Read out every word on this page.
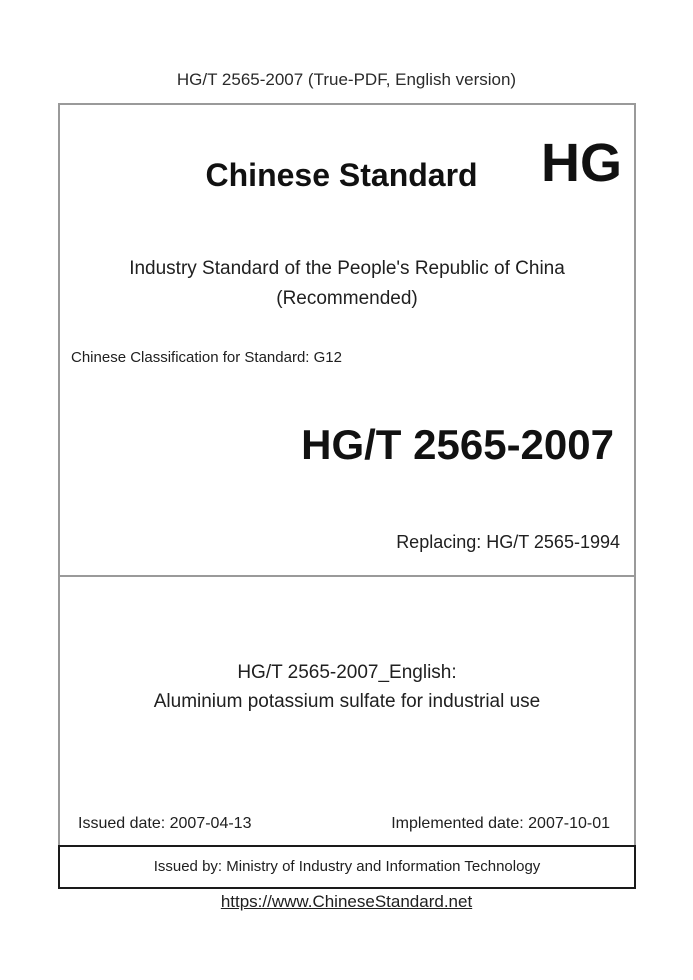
HG/T 2565-2007 (True-PDF, English version)
Chinese Standard HG
Industry Standard of the People's Republic of China
(Recommended)
Chinese Classification for Standard: G12
HG/T 2565-2007
Replacing: HG/T 2565-1994
HG/T 2565-2007_English:
Aluminium potassium sulfate for industrial use
Issued date: 2007-04-13	Implemented date: 2007-10-01
Issued by: Ministry of Industry and Information Technology
https://www.ChineseStandard.net
